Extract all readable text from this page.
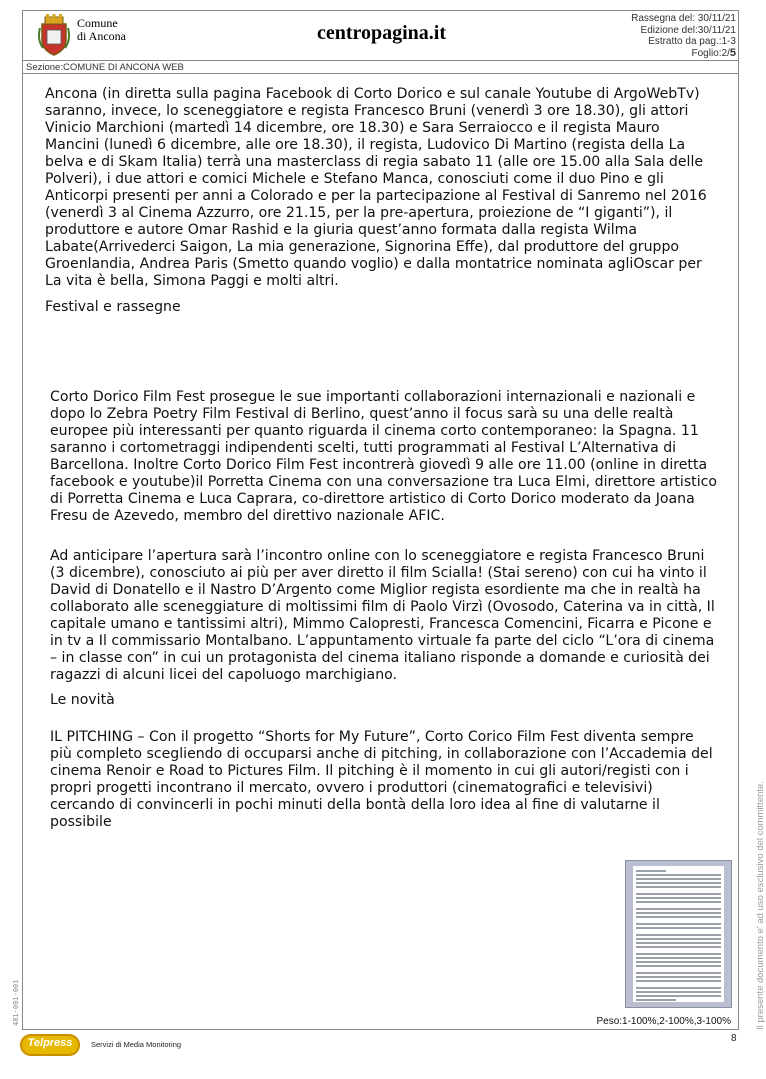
Comune
di Ancona	centropagina.it
Rassegna del: 30/11/21
Edizione del:30/11/21
Estratto da pag.:1-3
Foglio:2/5
Sezione:COMUNE DI ANCONA WEB

Ancona (in diretta sulla pagina Facebook di Corto Dorico e sul canale Youtube di ArgoWebTv) saranno, invece, lo sceneggiatore e regista Francesco Bruni (venerdì 3 ore 18.30), gli attori Vinicio Marchioni (martedì 14 dicembre, ore 18.30) e Sara Serraiocco e il regista Mauro Mancini (lunedì 6 dicembre, alle ore 18.30), il regista, Ludovico Di Martino (regista della La belva e di Skam Italia) terrà una masterclass di regia sabato 11 (alle ore 15.00 alla Sala delle Polveri), i due attori e comici Michele e Stefano Manca, conosciuti come il duo Pino e gli Anticorpi presenti per anni a Colorado e per la partecipazione al Festival di Sanremo nel 2016 (venerdì 3 al Cinema Azzurro, ore 21.15, per la pre-apertura, proiezione de “I giganti”), il produttore e autore Omar Rashid e la giuria quest’anno formata dalla regista Wilma Labate(Arrivederci Saigon, La mia generazione, Signorina Effe), dal produttore del gruppo Groenlandia, Andrea Paris (Smetto quando voglio) e dalla montatrice nominata agliOscar per La vita è bella, Simona Paggi e molti altri.

Festival e rassegne

Corto Dorico Film Fest prosegue le sue importanti collaborazioni internazionali e nazionali e dopo lo Zebra Poetry Film Festival di Berlino, quest’anno il focus sarà su una delle realtà europee più interessanti per quanto riguarda il cinema corto contemporaneo: la Spagna. 11 saranno i cortometraggi indipendenti scelti, tutti programmati al Festival L’Alternativa di Barcellona. Inoltre Corto Dorico Film Fest incontrerà giovedì 9 alle ore 11.00 (online in diretta facebook e youtube)il Porretta Cinema con una conversazione tra Luca Elmi, direttore artistico di Porretta Cinema e Luca Caprara, co-direttore artistico di Corto Dorico moderato da Joana Fresu de Azevedo, membro del direttivo nazionale AFIC.

Ad anticipare l’apertura sarà l’incontro online con lo sceneggiatore e regista Francesco Bruni (3 dicembre), conosciuto ai più per aver diretto il film Scialla! (Stai sereno) con cui ha vinto il David di Donatello e il Nastro D’Argento come Miglior regista esordiente ma che in realtà ha collaborato alle sceneggiature di moltissimi film di Paolo Virzì (Ovosodo, Caterina va in città, Il capitale umano e tantissimi altri), Mimmo Calopresti, Francesca Comencini, Ficarra e Picone e in tv a Il commissario Montalbano. L’appuntamento virtuale fa parte del ciclo “L’ora di cinema – in classe con” in cui un protagonista del cinema italiano risponde a domande e curiosità dei ragazzi di alcuni licei del capoluogo marchigiano.

Le novità

IL PITCHING – Con il progetto “Shorts for My Future”, Corto Corico Film Fest diventa sempre più completo scegliendo di occuparsi anche di pitching, in collaborazione con l’Accademia del cinema Renoir e Road to Pictures Film. Il pitching è il momento in cui gli autori/registi con i propri progetti incontrano il mercato, ovvero i produttori (cinematografici e televisivi) cercando di convincerli in pochi minuti della bontà della loro idea al fine di valutarne il possibile

Peso:1-100%,2-100%,3-100%	Il presente documento e' ad uso esclusivo del committente.
481-001-001
Telpress	Servizi di Media Monitoring
8
